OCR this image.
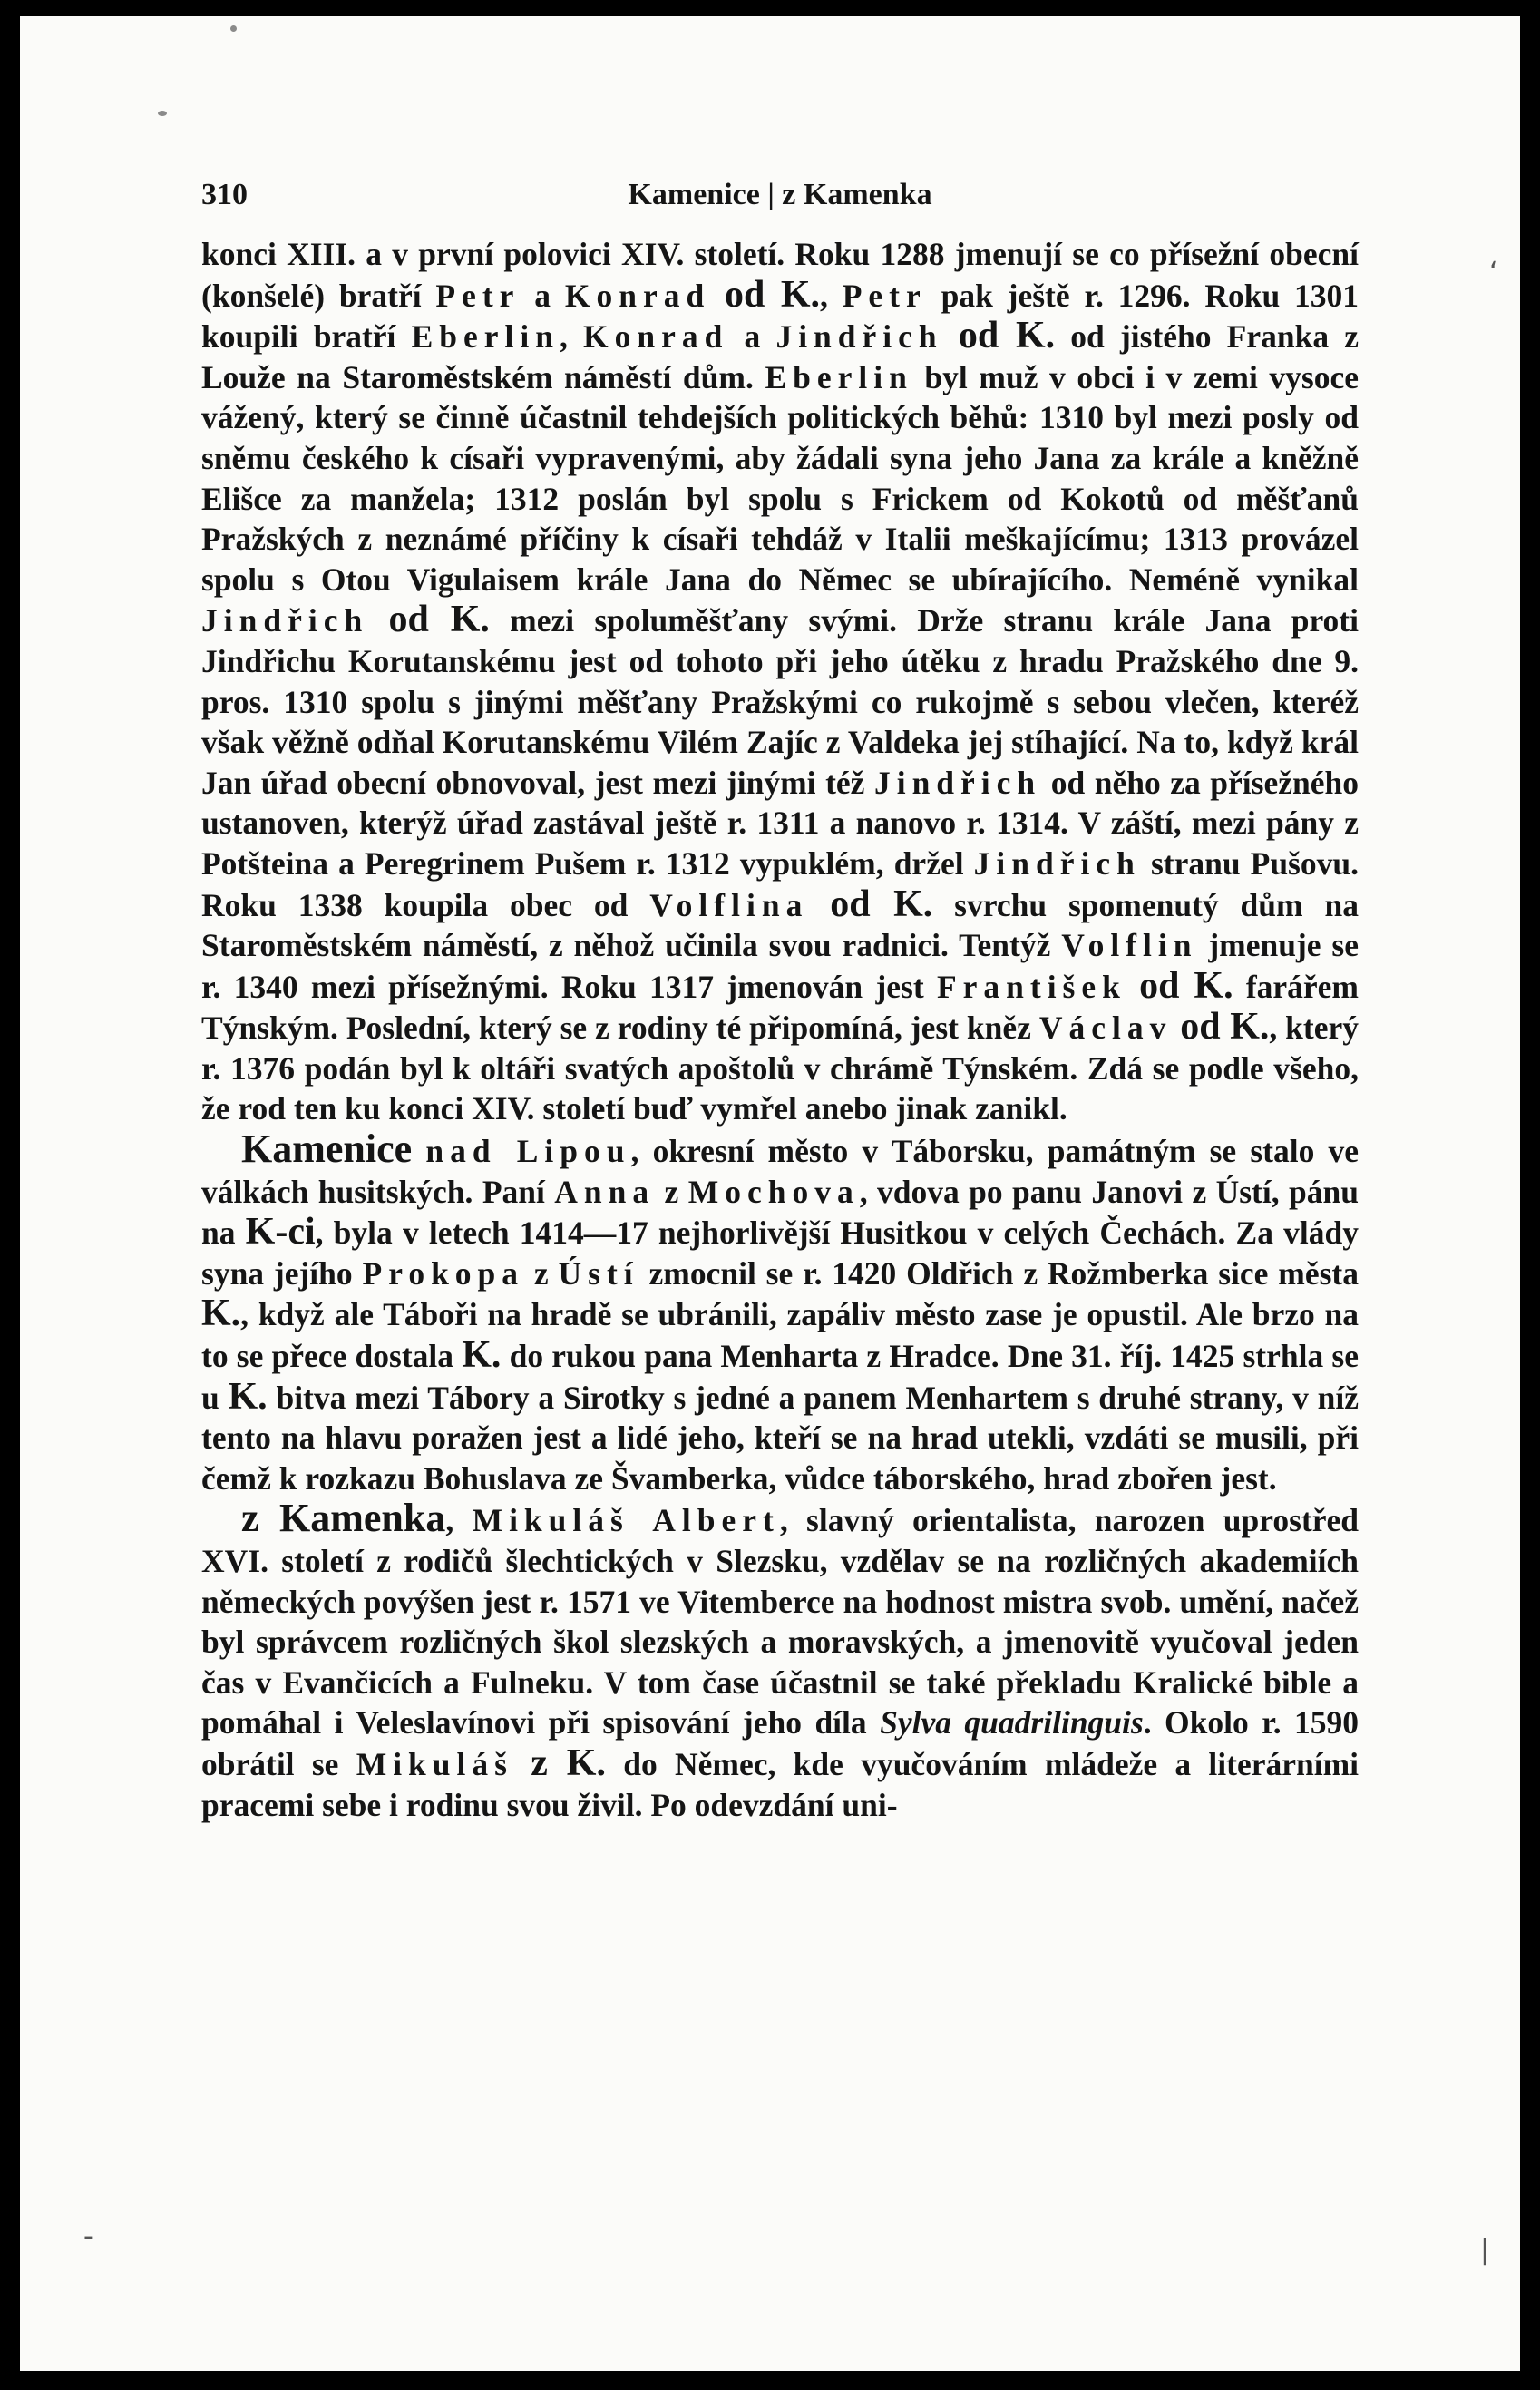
‘
|
-
310	Kamenice | z Kamenka

konci XIII. a v první polovici XIV. století. Roku 1288 jmenují se co přísežní obecní (konšelé) bratří Petr a Konrad od K., Petr pak ještě r. 1296. Roku 1301 koupili bratří Eberlin, Konrad a Jindřich od K. od jistého Franka z Louže na Staroměstském náměstí dům. Eberlin byl muž v obci i v zemi vysoce vážený, který se činně účastnil tehdejších politických běhů: 1310 byl mezi posly od sněmu českého k císaři vypravenými, aby žádali syna jeho Jana za krále a kněžně Elišce za manžela; 1312 poslán byl spolu s Frickem od Kokotů od měšťanů Pražských z neznámé příčiny k císaři tehdáž v Italii meškajícímu; 1313 provázel spolu s Otou Vigulaisem krále Jana do Němec se ubírajícího. Neméně vynikal Jindřich od K. mezi spoluměšťany svými. Drže stranu krále Jana proti Jindřichu Korutanskému jest od tohoto při jeho útěku z hradu Pražského dne 9. pros. 1310 spolu s jinými měšťany Pražskými co rukojmě s sebou vlečen, kteréž však věžně odňal Korutanskému Vilém Zajíc z Valdeka jej stíhající. Na to, když král Jan úřad obecní obnovoval, jest mezi jinými též Jindřich od něho za přísežného ustanoven, kterýž úřad zastával ještě r. 1311 a nanovo r. 1314. V záští, mezi pány z Potšteina a Peregrinem Pušem r. 1312 vypuklém, držel Jindřich stranu Pušovu. Roku 1338 koupila obec od Volflina od K. svrchu spomenutý dům na Staroměstském náměstí, z něhož učinila svou radnici. Tentýž Volflin jmenuje se r. 1340 mezi přísežnými. Roku 1317 jmenován jest František od K. farářem Týnským. Poslední, který se z rodiny té připomíná, jest kněz Václav od K., který r. 1376 podán byl k oltáři svatých apoštolů v chrámě Týnském. Zdá se podle všeho, že rod ten ku konci XIV. století buď vymřel anebo jinak zanikl.

Kamenice nad Lipou, okresní město v Táborsku, památným se stalo ve válkách husitských. Paní Anna z Mochova, vdova po panu Janovi z Ústí, pánu na K-ci, byla v letech 1414—17 nejhorlivější Husitkou v celých Čechách. Za vlády syna jejího Prokopa z Ústí zmocnil se r. 1420 Oldřich z Rožmberka sice města K., když ale Táboři na hradě se ubránili, zapáliv město zase je opustil. Ale brzo na to se přece dostala K. do rukou pana Menharta z Hradce. Dne 31. říj. 1425 strhla se u K. bitva mezi Tábory a Sirotky s jedné a panem Menhartem s druhé strany, v níž tento na hlavu poražen jest a lidé jeho, kteří se na hrad utekli, vzdáti se musili, při čemž k rozkazu Bohuslava ze Švamberka, vůdce táborského, hrad zbořen jest.

z Kamenka, Mikuláš Albert, slavný orientalista, narozen uprostřed XVI. století z rodičů šlechtických v Slezsku, vzdělav se na rozličných akademiích německých povýšen jest r. 1571 ve Vitemberce na hodnost mistra svob. umění, načež byl správcem rozličných škol slezských a moravských, a jmenovitě vyučoval jeden čas v Evančicích a Fulneku. V tom čase účastnil se také překladu Kralické bible a pomáhal i Veleslavínovi při spisování jeho díla Sylva quadrilinguis. Okolo r. 1590 obrátil se Mikuláš z K. do Němec, kde vyučováním mládeže a literárními pracemi sebe i rodinu svou živil. Po odevzdání uni-
